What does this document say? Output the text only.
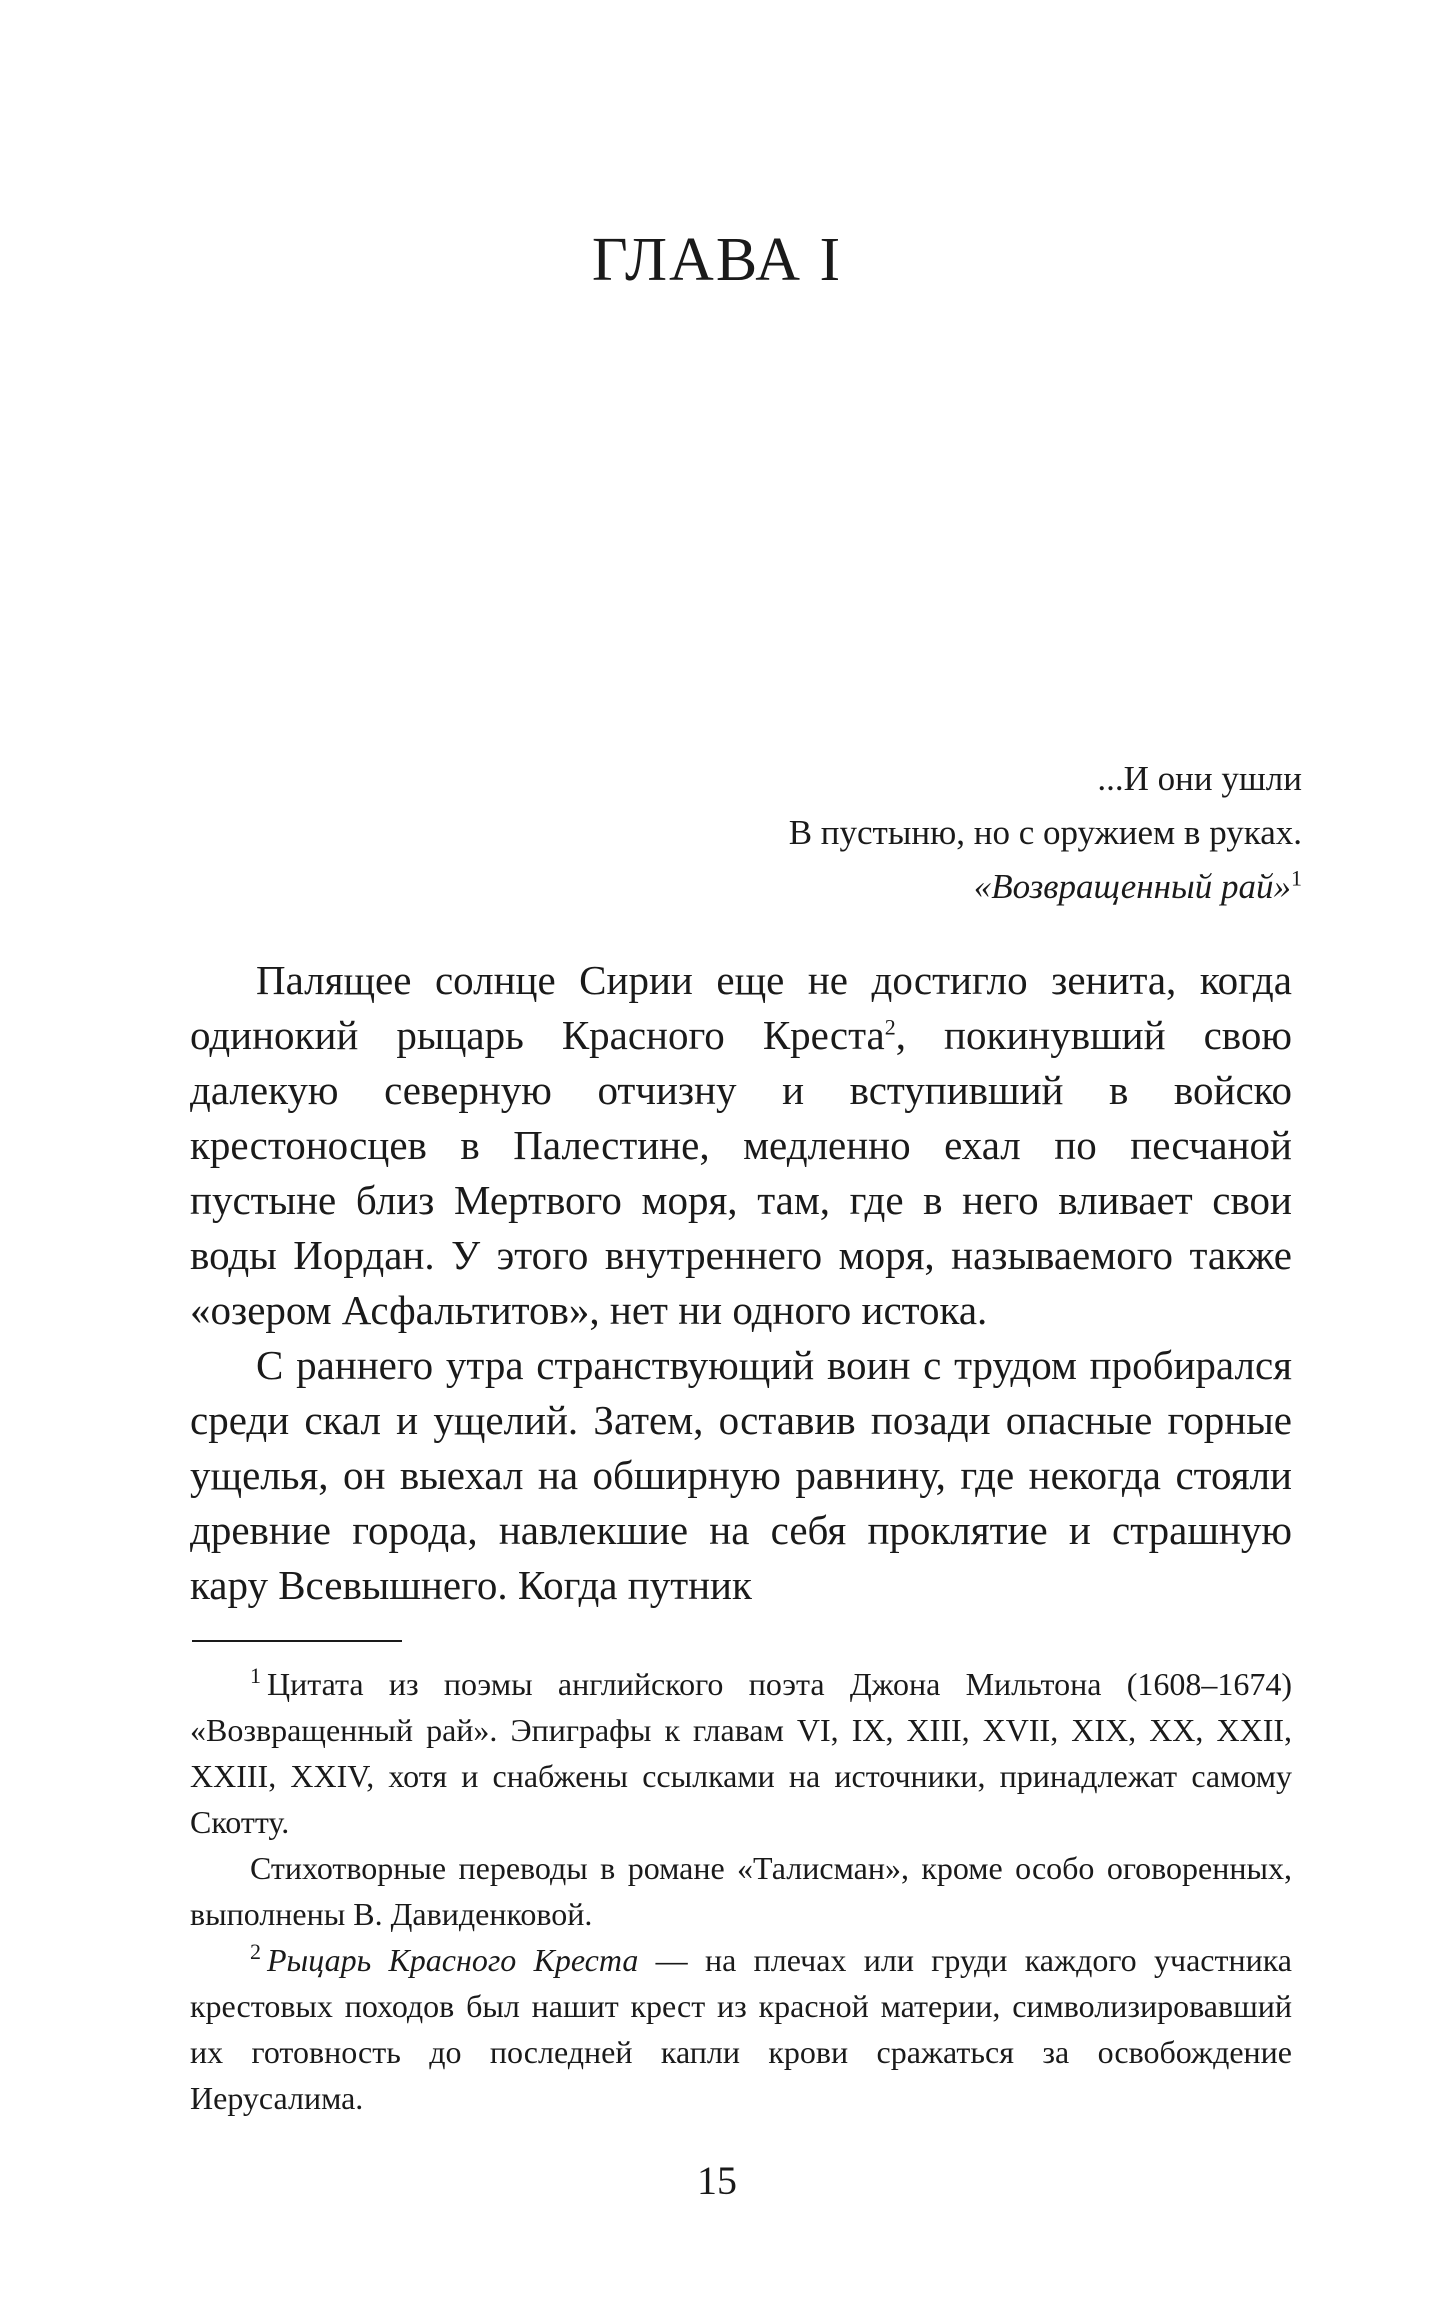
ГЛАВА I
...И они ушли
В пустыню, но с оружием в руках.
«Возвращенный рай»$^1$

Палящее солнце Сирии еще не достигло зенита, когда одинокий рыцарь Красного Креста$^2$, покинувший свою далекую северную отчизну и вступивший в войско крестоносцев в Палестине, медленно ехал по песчаной пустыне близ Мертвого моря, там, где в него вливает свои воды Иордан. У этого внутреннего моря, называемого также «озером Асфальтитов», нет ни одного истока.

С раннего утра странствующий воин с трудом пробирался среди скал и ущелий. Затем, оставив позади опасные горные ущелья, он выехал на обширную равнину, где некогда стояли древние города, навлекшие на себя проклятие и страшную кару Всевышнего. Когда путник

$^1$ Цитата из поэмы английского поэта Джона Мильтона (1608–1674) «Возвращенный рай». Эпиграфы к главам VI, IX, XIII, XVII, XIX, XX, XXII, XXIII, XXIV, хотя и снабжены ссылками на источники, принадлежат самому Скотту.

Стихотворные переводы в романе «Талисман», кроме особо оговоренных, выполнены В. Давиденковой.

$^2$ Рыцарь Красного Креста — на плечах или груди каждого участника крестовых походов был нашит крест из красной материи, символизировавший их готовность до последней капли крови сражаться за освобождение Иерусалима.

15
